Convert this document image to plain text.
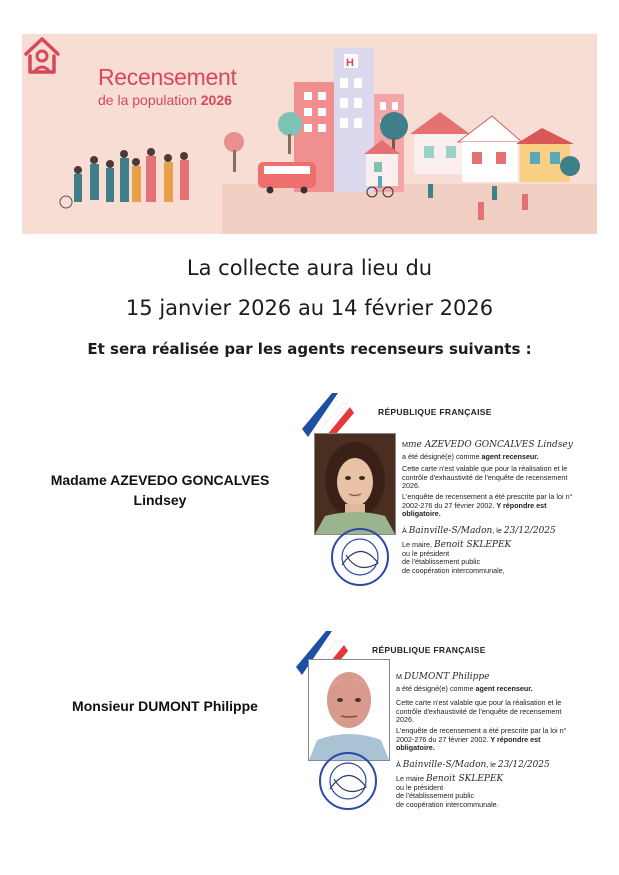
H
Recensement
de la population 2026
La collecte aura lieu du
15 janvier 2026 au 14 février 2026
Et sera réalisée par les agents recenseurs suivants :
Madame AZEVEDO GONCALVES
Lindsey
RÉPUBLIQUE FRANÇAISE
Mme AZEVEDO GONCALVES Lindsey
a été désigné(e) comme agent recenseur.
Cette carte n'est valable que pour la réalisation et le contrôle d'exhaustivité de l'enquête de recensement 2026.
L'enquête de recensement a été prescrite par la loi n° 2002-276 du 27 février 2002. Y répondre est obligatoire.
À Bainville-S/Madon, le 23/12/2025
Le maire, Benoit SKLEPEK
ou le président
de l'établissement public
de coopération intercommunale,
Monsieur DUMONT Philippe
RÉPUBLIQUE FRANÇAISE
M DUMONT Philippe
a été désigné(e) comme agent recenseur.
Cette carte n'est valable que pour la réalisation et le contrôle d'exhaustivité de l'enquête de recensement 2026.
L'enquête de recensement a été prescrite par la loi n° 2002-276 du 27 février 2002. Y répondre est obligatoire.
À Bainville-S/Madon, le 23/12/2025
Le maire Benoit SKLEPEK
ou le président
de l'établissement public
de coopération intercommunale.
